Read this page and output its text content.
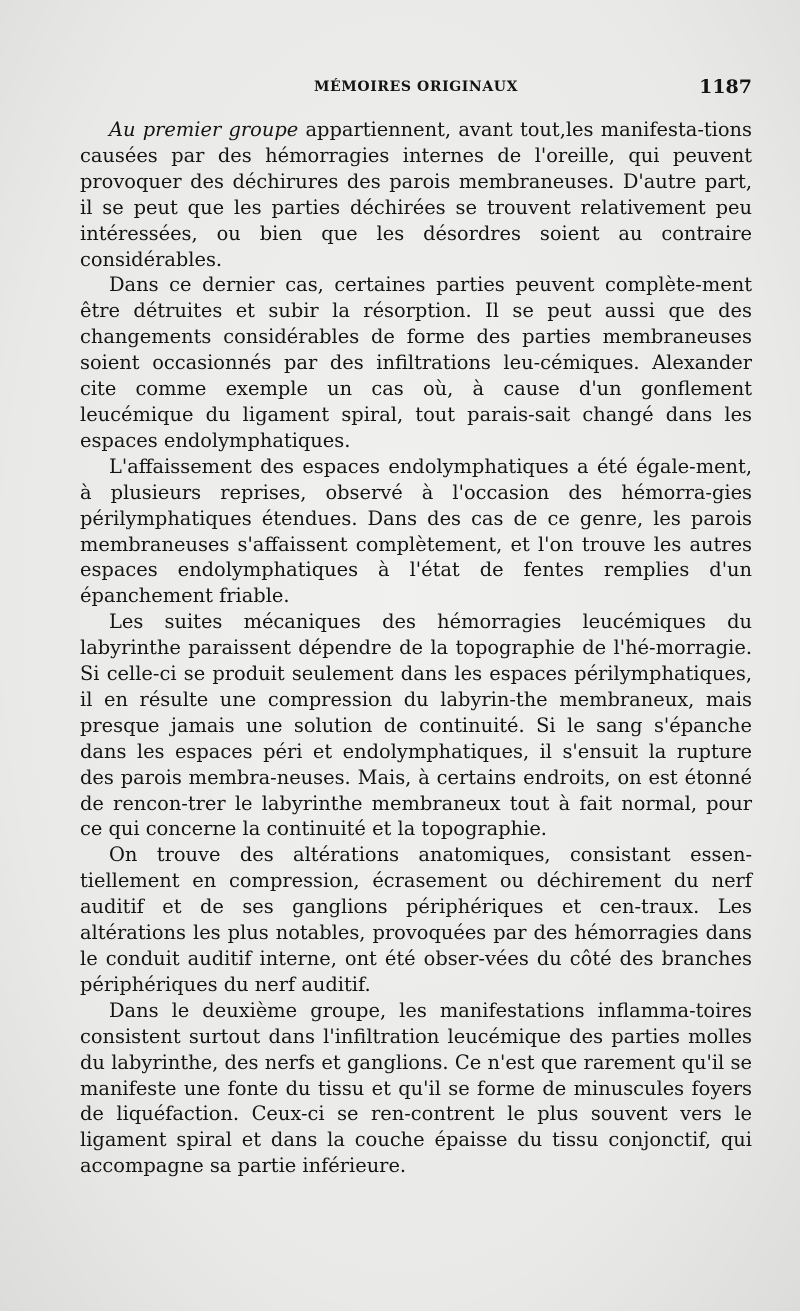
MÉMOIRES ORIGINAUX	1187

Au premier groupe appartiennent, avant tout,les manifesta-tions causées par des hémorragies internes de l'oreille, qui peuvent provoquer des déchirures des parois membraneuses. D'autre part, il se peut que les parties déchirées se trouvent relativement peu intéressées, ou bien que les désordres soient au contraire considérables.

Dans ce dernier cas, certaines parties peuvent complète-ment être détruites et subir la résorption. Il se peut aussi que des changements considérables de forme des parties membraneuses soient occasionnés par des infiltrations leu-cémiques. Alexander cite comme exemple un cas où, à cause d'un gonflement leucémique du ligament spiral, tout parais-sait changé dans les espaces endolymphatiques.

L'affaissement des espaces endolymphatiques a été égale-ment, à plusieurs reprises, observé à l'occasion des hémorra-gies périlymphatiques étendues. Dans des cas de ce genre, les parois membraneuses s'affaissent complètement, et l'on trouve les autres espaces endolymphatiques à l'état de fentes remplies d'un épanchement friable.

Les suites mécaniques des hémorragies leucémiques du labyrinthe paraissent dépendre de la topographie de l'hé-morragie. Si celle-ci se produit seulement dans les espaces périlymphatiques, il en résulte une compression du labyrin-the membraneux, mais presque jamais une solution de continuité. Si le sang s'épanche dans les espaces péri et endolymphatiques, il s'ensuit la rupture des parois membra-neuses. Mais, à certains endroits, on est étonné de rencon-trer le labyrinthe membraneux tout à fait normal, pour ce qui concerne la continuité et la topographie.

On trouve des altérations anatomiques, consistant essen-tiellement en compression, écrasement ou déchirement du nerf auditif et de ses ganglions périphériques et cen-traux. Les altérations les plus notables, provoquées par des hémorragies dans le conduit auditif interne, ont été obser-vées du côté des branches périphériques du nerf auditif.

Dans le deuxième groupe, les manifestations inflamma-toires consistent surtout dans l'infiltration leucémique des parties molles du labyrinthe, des nerfs et ganglions. Ce n'est que rarement qu'il se manifeste une fonte du tissu et qu'il se forme de minuscules foyers de liquéfaction. Ceux-ci se ren-contrent le plus souvent vers le ligament spiral et dans la couche épaisse du tissu conjonctif, qui accompagne sa partie inférieure.
